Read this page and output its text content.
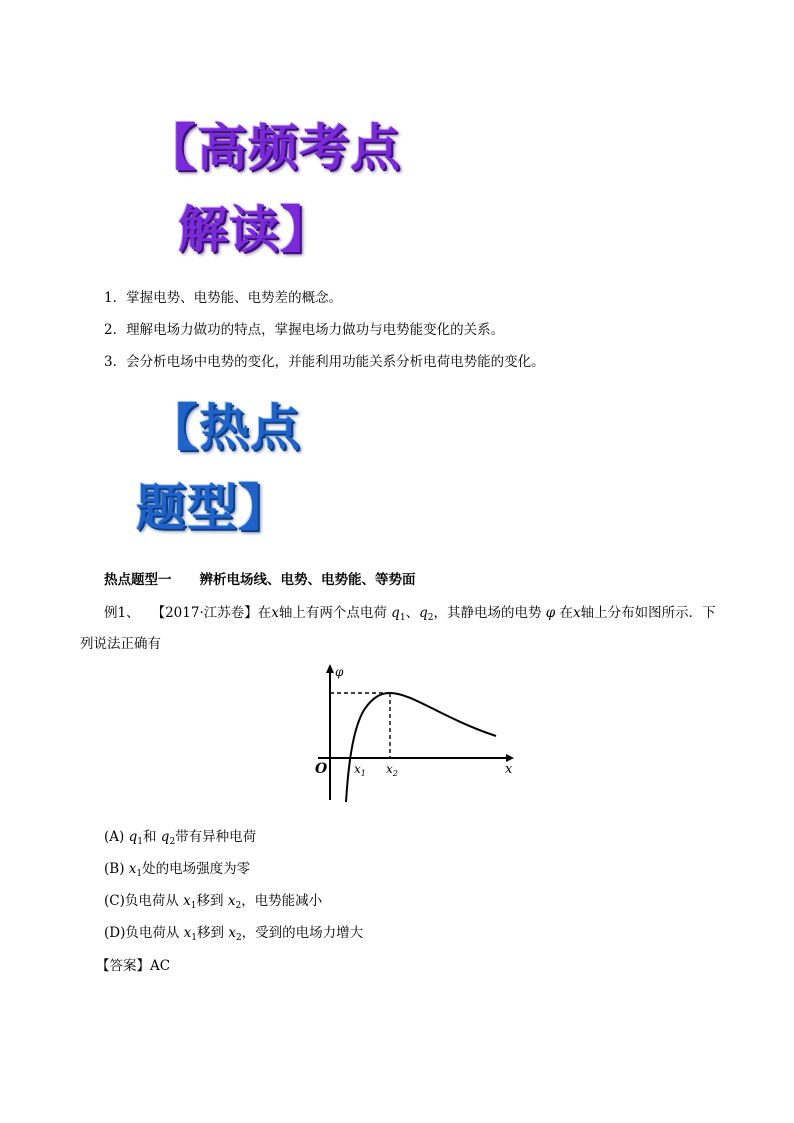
【高频考点
解读】
1．掌握电势、电势能、电势差的概念。
2．理解电场力做功的特点，掌握电场力做功与电势能变化的关系。
3．会分析电场中电势的变化，并能利用功能关系分析电荷电势能的变化。
【热点
题型】
热点题型一 辨析电场线、电势、电势能、等势面
例1、 【2017·江苏卷】在x轴上有两个点电荷 $q_1$、$q_2$，其静电场的电势 φ 在x轴上分布如图所示．下
列说法正确有
φ
O $x_1$ $x_2$	x
(A) $q_1$和 $q_2$带有异种电荷
(B) $x_1$处的电场强度为零
(C)负电荷从 $x_1$移到 $x_2$，电势能减小
(D)负电荷从 $x_1$移到 $x_2$，受到的电场力增大
【答案】AC
